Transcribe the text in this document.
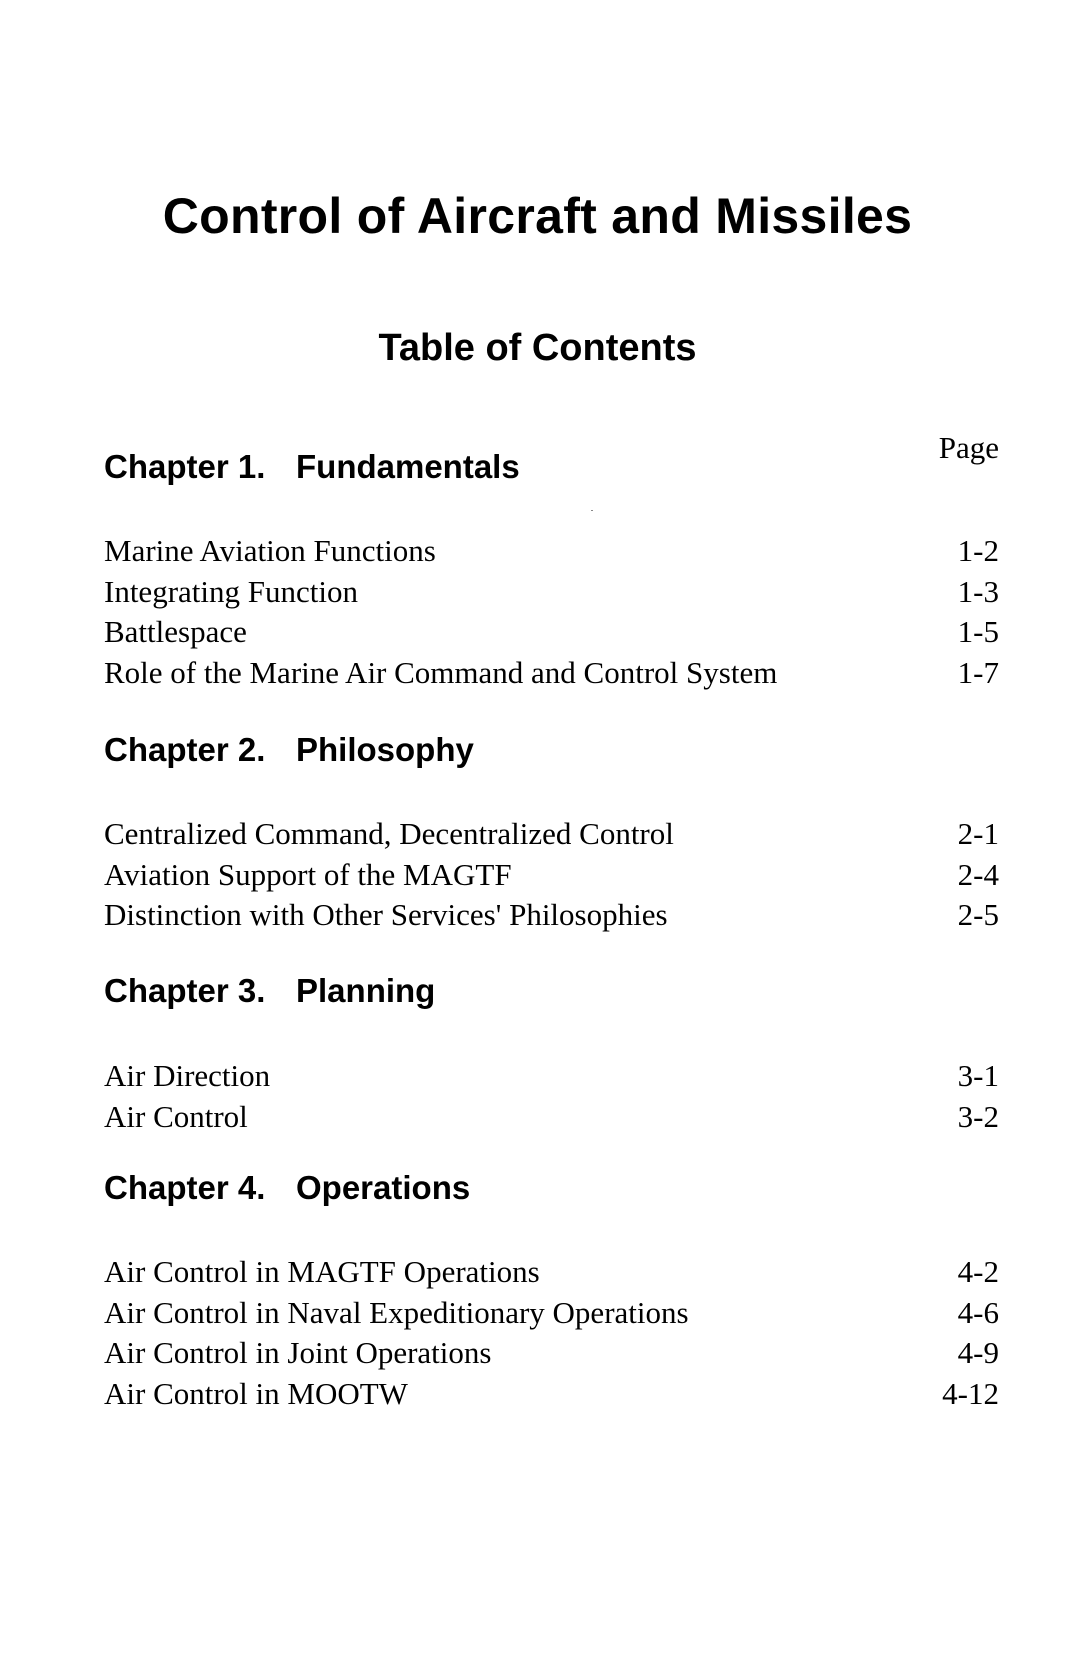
Control of Aircraft and Missiles
Table of Contents
Page
Chapter 1. Fundamentals
Marine Aviation Functions	1-2
Integrating Function	1-3
Battlespace	1-5
Role of the Marine Air Command and Control System	1-7
Chapter 2. Philosophy
Centralized Command, Decentralized Control	2-1
Aviation Support of the MAGTF	2-4
Distinction with Other Services' Philosophies	2-5
Chapter 3. Planning
Air Direction	3-1
Air Control	3-2
Chapter 4. Operations
Air Control in MAGTF Operations	4-2
Air Control in Naval Expeditionary Operations	4-6
Air Control in Joint Operations	4-9
Air Control in MOOTW	4-12
